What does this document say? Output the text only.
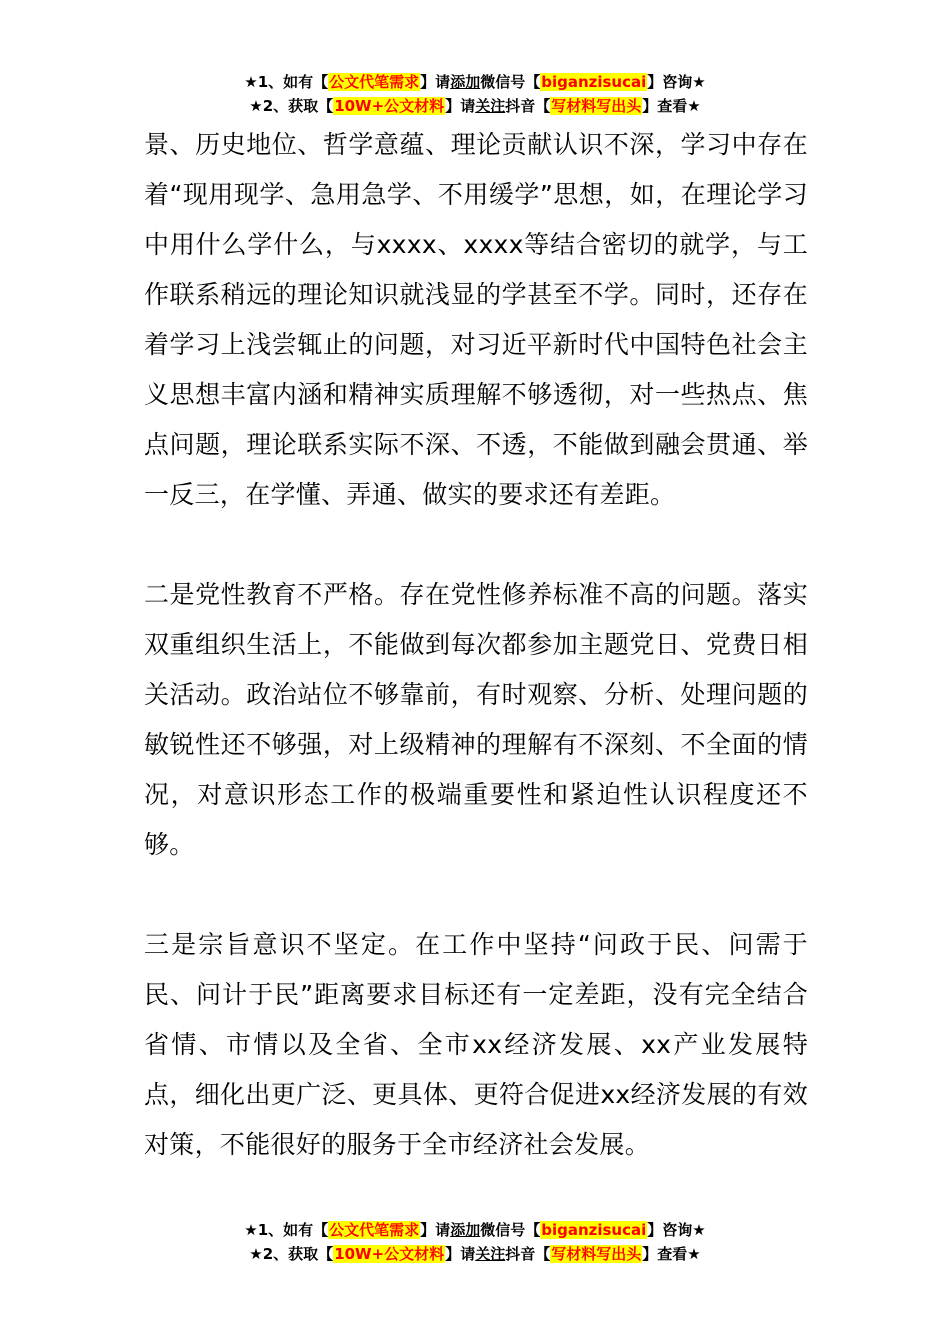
★1、如有【公文代笔需求】请添加微信号【biganzisucai】咨询★
★2、获取【10W+公文材料】请关注抖音【写材料写出头】查看★

景、历史地位、哲学意蕴、理论贡献认识不深，学习中存在着“现用现学、急用急学、不用缓学”思想，如，在理论学习中用什么学什么，与xxxx、xxxx等结合密切的就学，与工作联系稍远的理论知识就浅显的学甚至不学。同时，还存在着学习上浅尝辄止的问题，对习近平新时代中国特色社会主义思想丰富内涵和精神实质理解不够透彻，对一些热点、焦点问题，理论联系实际不深、不透，不能做到融会贯通、举一反三，在学懂、弄通、做实的要求还有差距。

二是党性教育不严格。存在党性修养标准不高的问题。落实双重组织生活上，不能做到每次都参加主题党日、党费日相关活动。政治站位不够靠前，有时观察、分析、处理问题的敏锐性还不够强，对上级精神的理解有不深刻、不全面的情况，对意识形态工作的极端重要性和紧迫性认识程度还不够。

三是宗旨意识不坚定。在工作中坚持“问政于民、问需于民、问计于民”距离要求目标还有一定差距，没有完全结合省情、市情以及全省、全市xx经济发展、xx产业发展特点，细化出更广泛、更具体、更符合促进xx经济发展的有效对策，不能很好的服务于全市经济社会发展。

★1、如有【公文代笔需求】请添加微信号【biganzisucai】咨询★
★2、获取【10W+公文材料】请关注抖音【写材料写出头】查看★
